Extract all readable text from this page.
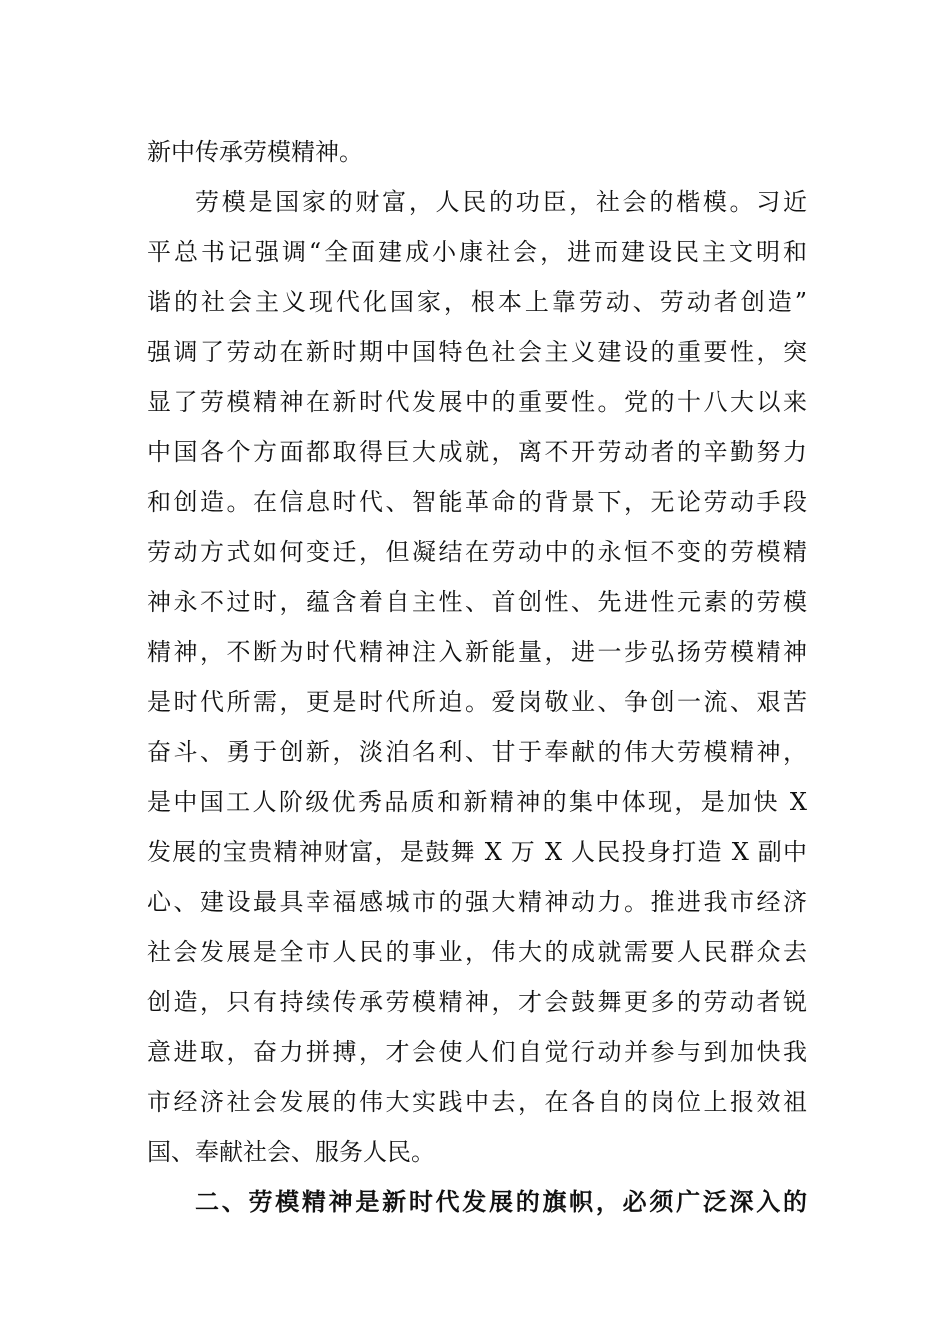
新中传承劳模精神。
劳模是国家的财富，人民的功臣，社会的楷模。习近
平总书记强调“全面建成小康社会，进而建设民主文明和
谐的社会主义现代化国家，根本上靠劳动、劳动者创造”
强调了劳动在新时期中国特色社会主义建设的重要性，突
显了劳模精神在新时代发展中的重要性。党的十八大以来
中国各个方面都取得巨大成就，离不开劳动者的辛勤努力
和创造。在信息时代、智能革命的背景下，无论劳动手段
劳动方式如何变迁，但凝结在劳动中的永恒不变的劳模精
神永不过时，蕴含着自主性、首创性、先进性元素的劳模
精神，不断为时代精神注入新能量，进一步弘扬劳模精神
是时代所需，更是时代所迫。爱岗敬业、争创一流、艰苦
奋斗、勇于创新，淡泊名利、甘于奉献的伟大劳模精神，
是中国工人阶级优秀品质和新精神的集中体现，是加快 X
发展的宝贵精神财富，是鼓舞 X 万 X 人民投身打造 X 副中
心、建设最具幸福感城市的强大精神动力。推进我市经济
社会发展是全市人民的事业，伟大的成就需要人民群众去
创造，只有持续传承劳模精神，才会鼓舞更多的劳动者锐
意进取，奋力拼搏，才会使人们自觉行动并参与到加快我
市经济社会发展的伟大实践中去，在各自的岗位上报效祖
国、奉献社会、服务人民。
二、劳模精神是新时代发展的旗帜，必须广泛深入的
